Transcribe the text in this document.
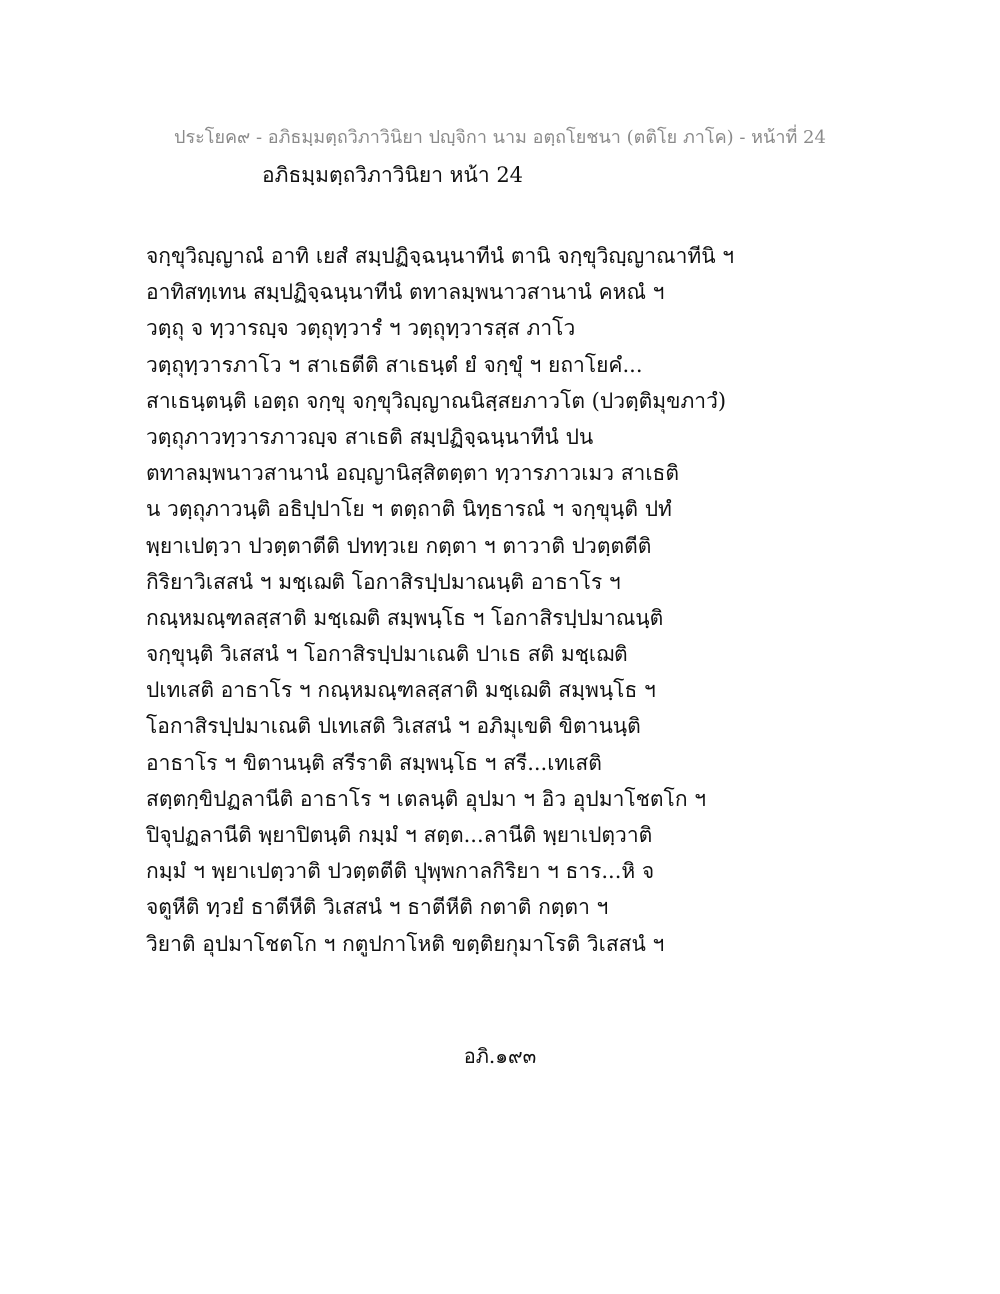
ประโยค๙ - อภิธมฺมตฺถวิภาวินิยา ปญฺจิกา นาม อตฺถโยชนา (ตติโย ภาโค) - หน้าที่ 24
อภิธมฺมตฺถวิภาวินิยา หน้า 24
จกฺขุวิญฺญาณํ อาทิ เยสํ สมฺปฏิจฺฉนฺนาทีนํ ตานิ จกฺขุวิญฺญาณาทีนิ ฯ
อาทิสทฺเทน สมฺปฏิจฺฉนฺนาทีนํ ตทาลมฺพนาวสานานํ คหณํ ฯ
วตฺถุ จ ทฺวารญฺจ วตฺถุทฺวารํ ฯ วตฺถุทฺวารสฺส ภาโว
วตฺถุทฺวารภาโว ฯ สาเธตีติ สาเธนฺตํ ยํ จกฺขุํ ฯ ยถาโยคํ...
สาเธนฺตนฺติ เอตฺถ จกฺขุ จกฺขุวิญฺญาณนิสฺสยภาวโต (ปวตฺติมุขภาวํ)
วตฺถุภาวทฺวารภาวญฺจ สาเธติ สมฺปฏิจฺฉนฺนาทีนํ ปน
ตทาลมฺพนาวสานานํ อญฺญานิสฺสิตตฺตา ทฺวารภาวเมว สาเธติ
น วตฺถุภาวนฺติ อธิปฺปาโย ฯ ตตฺถาติ นิทฺธารณํ ฯ จกฺขุนฺติ ปทํ
พฺยาเปตฺวา ปวตฺตาตีติ ปททฺวเย กตฺตา ฯ ตาวาติ ปวตฺตตีติ
กิริยาวิเสสนํ ฯ มชฺเฌติ โอกาสิรปฺปมาณนฺติ อาธาโร ฯ
กณฺหมณฺฑลสฺสาติ มชฺเฌติ สมฺพนฺโธ ฯ โอกาสิรปฺปมาณนฺติ
จกฺขุนฺติ วิเสสนํ ฯ โอกาสิรปฺปมาเณติ ปาเธ สติ มชฺเฌติ
ปเทเสติ อาธาโร ฯ กณฺหมณฺฑลสฺสาติ มชฺเฌติ สมฺพนฺโธ ฯ
โอกาสิรปฺปมาเณติ ปเทเสติ วิเสสนํ ฯ อภิมุเขติ ขิตานนฺติ
อาธาโร ฯ ขิตานนฺติ สรีราติ สมฺพนฺโธ ฯ สรี...เทเสติ
สตฺตกฺขิปฏลานีติ อาธาโร ฯ เตลนฺติ อุปมา ฯ อิว อุปมาโชตโก ฯ
ปิจุปฏลานีติ พฺยาปิตนฺติ กมฺมํ ฯ สตฺต...ลานีติ พฺยาเปตฺวาติ
กมฺมํ ฯ พฺยาเปตฺวาติ ปวตฺตตีติ ปุพฺพกาลกิริยา ฯ ธาร...หิ จ
จตูหีติ ทฺวยํ ธาตีหีติ วิเสสนํ ฯ ธาตีหีติ กตาติ กตฺตา ฯ
วิยาติ อุปมาโชตโก ฯ กตูปกาโหติ ขตฺติยกุมาโรติ วิเสสนํ ฯ
อภิ.๑๙๓
